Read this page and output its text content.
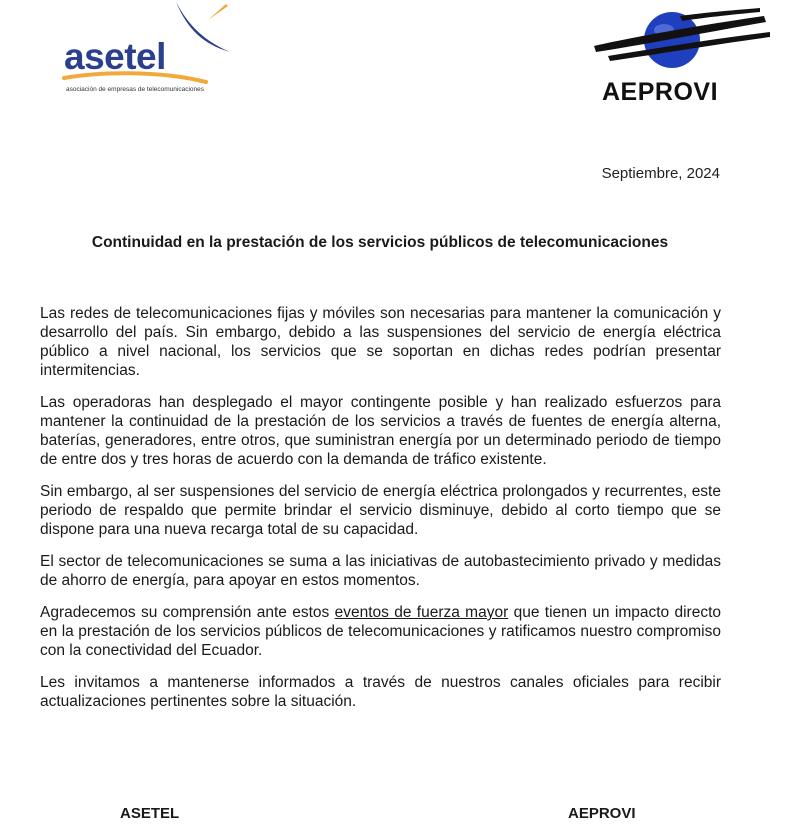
asetel
asociación de empresas de telecomunicaciones	AEPROVI
Septiembre, 2024
Continuidad en la prestación de los servicios públicos de telecomunicaciones

Las redes de telecomunicaciones fijas y móviles son necesarias para mantener la comunicación y desarrollo del país. Sin embargo, debido a las suspensiones del servicio de energía eléctrica público a nivel nacional, los servicios que se soportan en dichas redes podrían presentar intermitencias.

Las operadoras han desplegado el mayor contingente posible y han realizado esfuerzos para mantener la continuidad de la prestación de los servicios a través de fuentes de energía alterna, baterías, generadores, entre otros, que suministran energía por un determinado periodo de tiempo de entre dos y tres horas de acuerdo con la demanda de tráfico existente.

Sin embargo, al ser suspensiones del servicio de energía eléctrica prolongados y recurrentes, este periodo de respaldo que permite brindar el servicio disminuye, debido al corto tiempo que se dispone para una nueva recarga total de su capacidad.

El sector de telecomunicaciones se suma a las iniciativas de autobastecimiento privado y medidas de ahorro de energía, para apoyar en estos momentos.

Agradecemos su comprensión ante estos eventos de fuerza mayor que tienen un impacto directo en la prestación de los servicios públicos de telecomunicaciones y ratificamos nuestro compromiso con la conectividad del Ecuador.

Les invitamos a mantenerse informados a través de nuestros canales oficiales para recibir actualizaciones pertinentes sobre la situación.

ASETEL	AEPROVI
